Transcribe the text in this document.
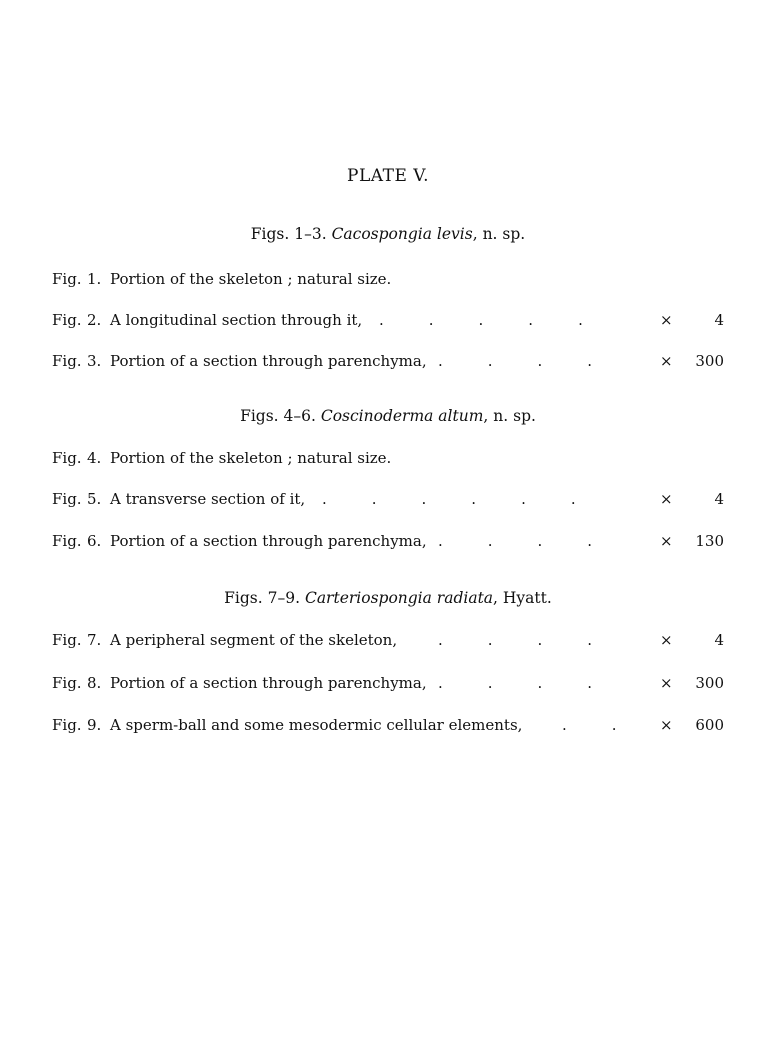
PLATE V.
Figs. 1–3. Cacospongia levis, n. sp.
Fig. 1. Portion of the skeleton ; natural size.
Fig. 2. A longitudinal section through it, .   .   .   .   .	×	4
Fig. 3. Portion of a section through parenchyma, .   .   .   .	× 300
Figs. 4–6. Coscinoderma altum, n. sp.
Fig. 4. Portion of the skeleton ; natural size.
Fig. 5. A transverse section of it, .   .   .   .   .   .	×	4
Fig. 6. Portion of a section through parenchyma, .   .   .   .	× 130
Figs. 7–9. Carteriospongia radiata, Hyatt.
Fig. 7. A peripheral segment of the skeleton,	.   .   .   .	×	4
Fig. 8. Portion of a section through parenchyma, .   .   .   .	× 300
Fig. 9. A sperm-ball and some mesodermic cellular elements,	.   .	× 600
